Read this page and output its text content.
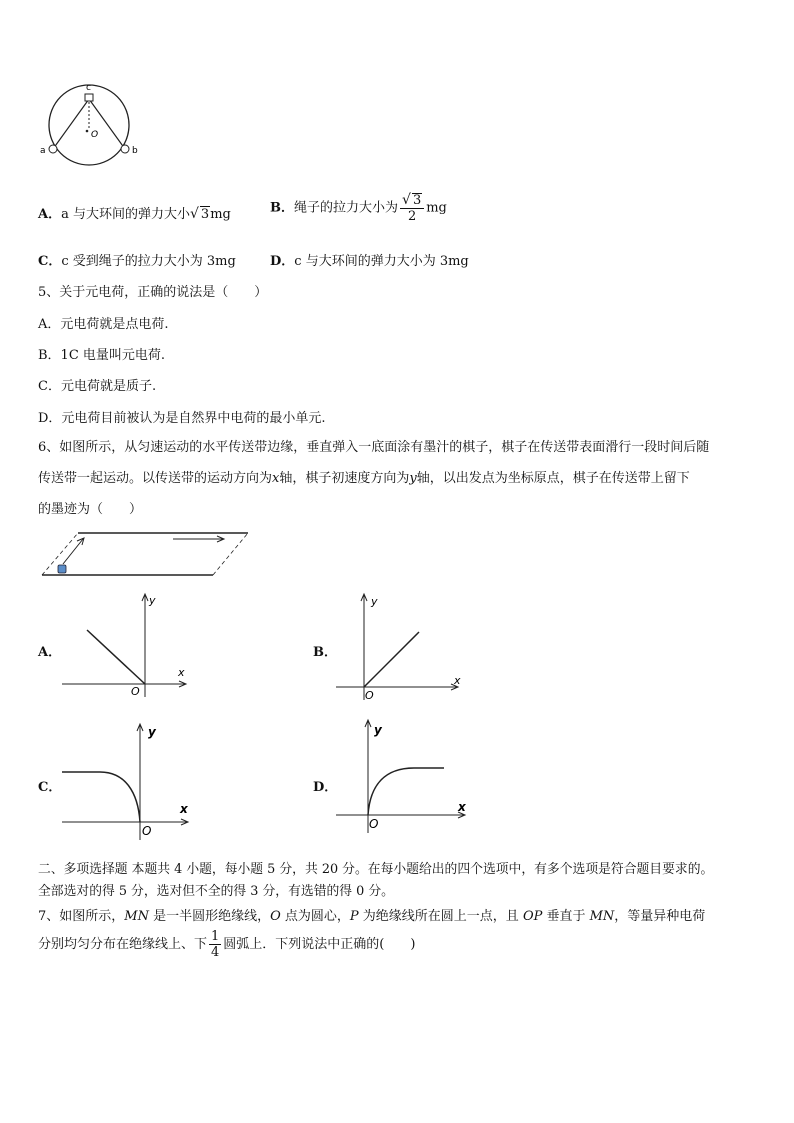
c
O
a	b
A．a 与大环间的弹力大小√ 3mg	B．绳子的拉力大小为 $\frac{√ 3}{2}$ mg
C．c 受到绳子的拉力大小为 3mg	D．c 与大环间的弹力大小为 3mg
5、关于元电荷，正确的说法是（　　）
A．元电荷就是点电荷.
B．1C 电量叫元电荷.
C．元电荷就是质子.
D．元电荷目前被认为是自然界中电荷的最小单元.
6、如图所示，从匀速运动的水平传送带边缘，垂直弹入一底面涂有墨汁的棋子，棋子在传送带表面滑行一段时间后随
传送带一起运动。以传送带的运动方向为x轴，棋子初速度方向为y轴，以出发点为坐标原点，棋子在传送带上留下
的墨迹为（　　）
A．
x
y
O
B．
x
y
O
C．
x
y
O
D．
x
y
O
二、多项选择题 本题共 4 小题，每小题 5 分，共 20 分。在每小题给出的四个选项中，有多个选项是符合题目要求的。
全部选对的得 5 分，选对但不全的得 3 分，有选错的得 0 分。
7、如图所示，MN 是一半圆形绝缘线，O 点为圆心，P 为绝缘线所在圆上一点，且 OP 垂直于 MN，等量异种电荷
分别均匀分布在绝缘线上、下 $\frac{1}{4}$ 圆弧上．下列说法中正确的(　　)
